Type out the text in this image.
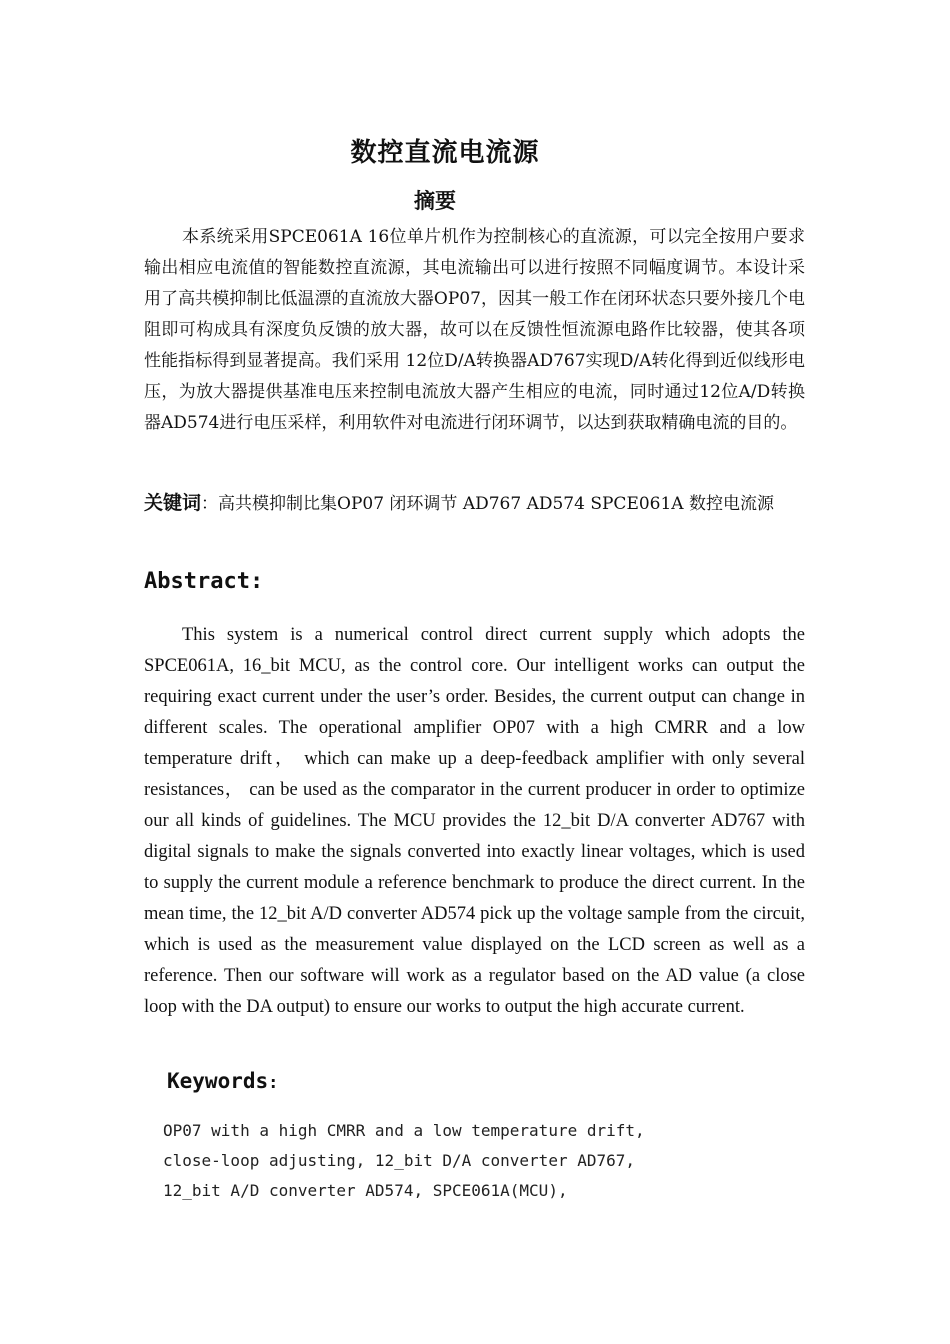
数控直流电流源
摘要

本系统采用SPCE061A 16位单片机作为控制核心的直流源，可以完全按用户要求输出相应电流值的智能数控直流源，其电流输出可以进行按照不同幅度调节。本设计采用了高共模抑制比低温漂的直流放大器OP07，因其一般工作在闭环状态只要外接几个电阻即可构成具有深度负反馈的放大器，故可以在反馈性恒流源电路作比较器，使其各项性能指标得到显著提高。我们采用 12位D/A转换器AD767实现D/A转化得到近似线形电压，为放大器提供基准电压来控制电流放大器产生相应的电流，同时通过12位A/D转换器AD574进行电压采样，利用软件对电流进行闭环调节，以达到获取精确电流的目的。

关键词：高共模抑制比集OP07 闭环调节 AD767 AD574 SPCE061A 数控电流源

Abstract:

This system is a numerical control direct current supply which adopts the SPCE061A, 16_bit MCU, as the control core. Our intelligent works can output the requiring exact current under the user’s order. Besides, the current output can change in different scales. The operational amplifier OP07 with a high CMRR and a low temperature drift， which can make up a deep-feedback amplifier with only several resistances， can be used as the comparator in the current producer in order to optimize our all kinds of guidelines. The MCU provides the 12_bit D/A converter AD767 with digital signals to make the signals converted into exactly linear voltages, which is used to supply the current module a reference benchmark to produce the direct current. In the mean time, the 12_bit A/D converter AD574 pick up the voltage sample from the circuit, which is used as the measurement value displayed on the LCD screen as well as a reference. Then our software will work as a regulator based on the AD value (a close loop with the DA output) to ensure our works to output the high accurate current.

Keywords:
OP07 with a high CMRR and a low temperature drift,
close-loop adjusting, 12_bit D/A converter AD767,
12_bit A/D converter AD574, SPCE061A(MCU),
